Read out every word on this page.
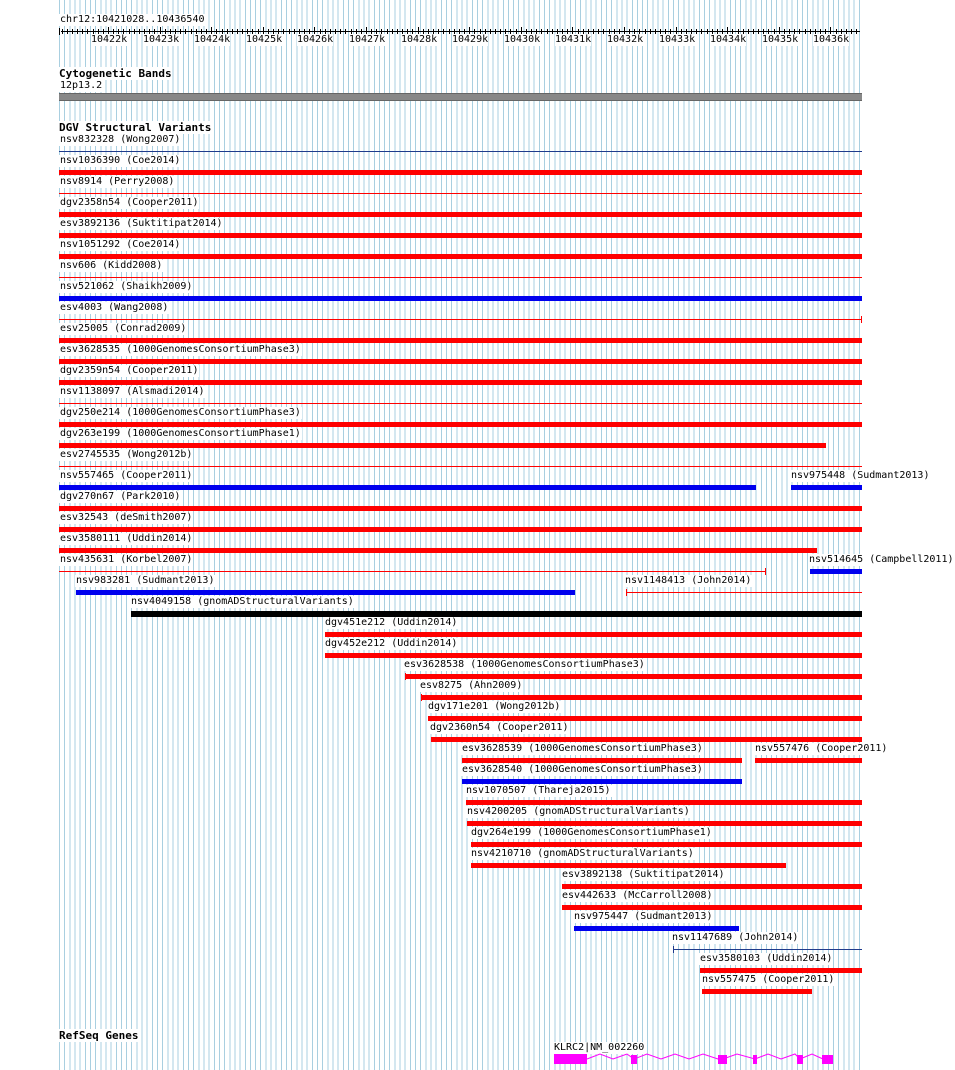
chr12:10421028..10436540
10422k 10423k 10424k 10425k 10426k 10427k 10428k 10429k 10430k 10431k 10432k 10433k 10434k 10435k 10436k
Cytogenetic Bands
12p13.2
DGV Structural Variants
nsv832328 (Wong2007)
nsv1036390 (Coe2014)
nsv8914 (Perry2008)
dgv2358n54 (Cooper2011)
esv3892136 (Suktitipat2014)
nsv1051292 (Coe2014)
nsv606 (Kidd2008)
nsv521062 (Shaikh2009)
esv4003 (Wang2008)
esv25005 (Conrad2009)
esv3628535 (1000GenomesConsortiumPhase3)
dgv2359n54 (Cooper2011)
nsv1138097 (Alsmadi2014)
dgv250e214 (1000GenomesConsortiumPhase3)
dgv263e199 (1000GenomesConsortiumPhase1)
esv2745535 (Wong2012b)
nsv557465 (Cooper2011)	nsv975448 (Sudmant2013)
dgv270n67 (Park2010)
esv32543 (deSmith2007)
esv3580111 (Uddin2014)
nsv435631 (Korbel2007)	nsv514645 (Campbell2011)
nsv983281 (Sudmant2013)	nsv1148413 (John2014)
nsv4049158 (gnomADStructuralVariants)
dgv451e212 (Uddin2014)
dgv452e212 (Uddin2014)
esv3628538 (1000GenomesConsortiumPhase3)
esv8275 (Ahn2009)
dgv171e201 (Wong2012b)
dgv2360n54 (Cooper2011)
esv3628539 (1000GenomesConsortiumPhase3)	nsv557476 (Cooper2011)
esv3628540 (1000GenomesConsortiumPhase3)
nsv1070507 (Thareja2015)
nsv4200205 (gnomADStructuralVariants)
dgv264e199 (1000GenomesConsortiumPhase1)
nsv4210710 (gnomADStructuralVariants)
esv3892138 (Suktitipat2014)
esv442633 (McCarroll2008)
nsv975447 (Sudmant2013)
nsv1147689 (John2014)
esv3580103 (Uddin2014)
nsv557475 (Cooper2011)
RefSeq Genes
KLRC2|NM_002260
